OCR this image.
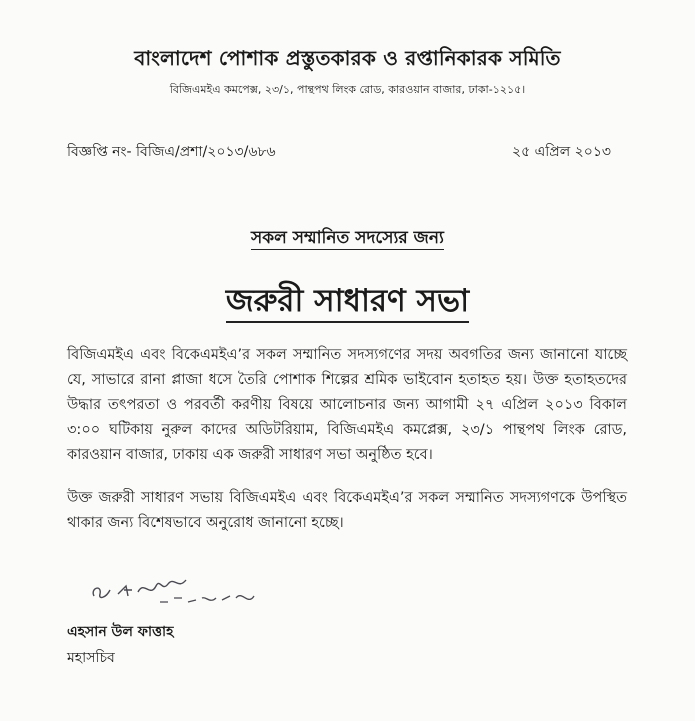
বাংলাদেশ পোশাক প্রস্তুতকারক ও রপ্তানিকারক সমিতি
বিজিএমইএ কমপেক্স, ২৩/১, পান্থপথ লিংক রোড, কারওয়ান বাজার, ঢাকা-১২১৫।
বিজ্ঞপ্তি নং- বিজিএ/প্রশা/২০১৩/৬৮৬	২৫ এপ্রিল ২০১৩
সকল সম্মানিত সদস্যের জন্য
জরুরী সাধারণ সভা
বিজিএমইএ এবং বিকেএমইএ’র সকল সম্মানিত সদস্যগণের সদয় অবগতির জন্য জানানো যাচ্ছে যে, সাভারে রানা প্লাজা ধসে তৈরি পোশাক শিল্পের শ্রমিক ভাইবোন হতাহত হয়। উক্ত হতাহতদের উদ্ধার তৎপরতা ও পরবর্তী করণীয় বিষয়ে আলোচনার জন্য আগামী ২৭ এপ্রিল ২০১৩ বিকাল ৩:০০ ঘটিকায় নুরুল কাদের অডিটরিয়াম, বিজিএমইএ কমপ্লেক্স, ২৩/১ পান্থপথ লিংক রোড, কারওয়ান বাজার, ঢাকায় এক জরুরী সাধারণ সভা অনুষ্ঠিত হবে।
উক্ত জরুরী সাধারণ সভায় বিজিএমইএ এবং বিকেএমইএ’র সকল সম্মানিত সদস্যগণকে উপস্থিত থাকার জন্য বিশেষভাবে অনুরোধ জানানো হচ্ছে।
এহসান উল ফাত্তাহ
মহাসচিব
